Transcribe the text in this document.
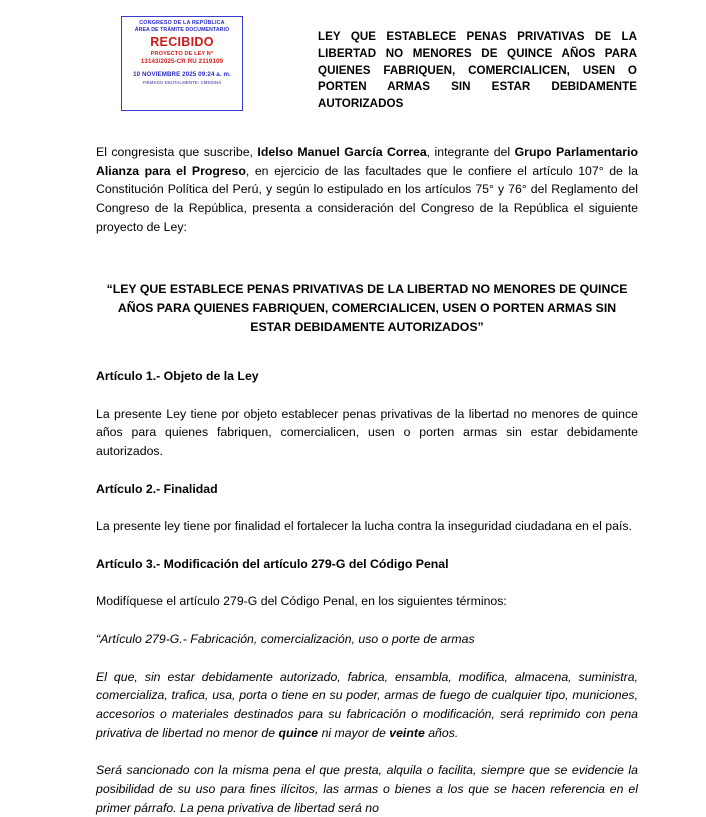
CONGRESO DE LA REPÚBLICA
ÁREA DE TRÁMITE DOCUMENTARIO
RECIBIDO
PROYECTO DE LEY N°
13143/2025-CR RU 2119109
10 NOVIEMBRE 2025 09:24 a. m.
FIRMADO DIGITALMENTE: CMEDINA
LEY QUE ESTABLECE PENAS PRIVATIVAS DE LA LIBERTAD NO MENORES DE QUINCE AÑOS PARA QUIENES FABRIQUEN, COMERCIALICEN, USEN O PORTEN ARMAS SIN ESTAR DEBIDAMENTE AUTORIZADOS

El congresista que suscribe, Idelso Manuel García Correa, integrante del Grupo Parlamentario Alianza para el Progreso, en ejercicio de las facultades que le confiere el artículo 107° de la Constitución Política del Perú, y según lo estipulado en los artículos 75° y 76° del Reglamento del Congreso de la República, presenta a consideración del Congreso de la República el siguiente proyecto de Ley:

“LEY QUE ESTABLECE PENAS PRIVATIVAS DE LA LIBERTAD NO MENORES DE QUINCE AÑOS PARA QUIENES FABRIQUEN, COMERCIALICEN, USEN O PORTEN ARMAS SIN ESTAR DEBIDAMENTE AUTORIZADOS”

Artículo 1.- Objeto de la Ley

La presente Ley tiene por objeto establecer penas privativas de la libertad no menores de quince años para quienes fabriquen, comercialicen, usen o porten armas sin estar debidamente autorizados.

Artículo 2.- Finalidad

La presente ley tiene por finalidad el fortalecer la lucha contra la inseguridad ciudadana en el país.

Artículo 3.- Modificación del artículo 279-G del Código Penal

Modifíquese el artículo 279-G del Código Penal, en los siguientes términos:

“Artículo 279-G.- Fabricación, comercialización, uso o porte de armas

El que, sin estar debidamente autorizado, fabrica, ensambla, modifica, almacena, suministra, comercializa, trafica, usa, porta o tiene en su poder, armas de fuego de cualquier tipo, municiones, accesorios o materiales destinados para su fabricación o modificación, será reprimido con pena privativa de libertad no menor de quince ni mayor de veinte años.

Será sancionado con la misma pena el que presta, alquila o facilita, siempre que se evidencie la posibilidad de su uso para fines ilícitos, las armas o bienes a los que se hacen referencia en el primer párrafo. La pena privativa de libertad será no
